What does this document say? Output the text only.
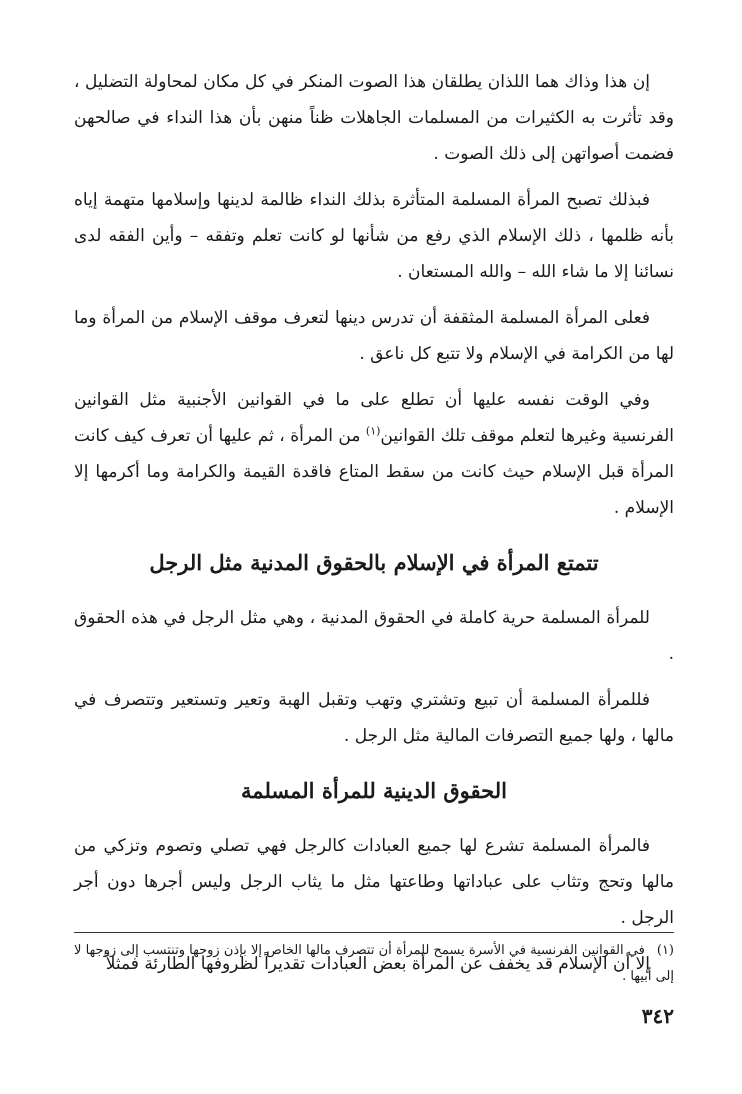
إن هذا وذاك هما اللذان يطلقان هذا الصوت المنكر في كل مكان لمحاولة التضليل ، وقد تأثرت به الكثيرات من المسلمات الجاهلات ظناً منهن بأن هذا النداء في صالحهن فضمت أصواتهن إلى ذلك الصوت .

فبذلك تصبح المرأة المسلمة المتأثرة بذلك النداء ظالمة لدينها وإسلامها متهمة إياه بأنه ظلمها ، ذلك الإسلام الذي رفع من شأنها لو كانت تعلم وتفقه – وأين الفقه لدى نسائنا إلا ما شاء الله – والله المستعان .

فعلى المرأة المسلمة المثقفة أن تدرس دينها لتعرف موقف الإسلام من المرأة وما لها من الكرامة في الإسلام ولا تتبع كل ناعق .

وفي الوقت نفسه عليها أن تطلع على ما في القوانين الأجنبية مثل القوانين الفرنسية وغيرها لتعلم موقف تلك القوانين$^{(١)}$ من المرأة ، ثم عليها أن تعرف كيف كانت المرأة قبل الإسلام حيث كانت من سقط المتاع فاقدة القيمة والكرامة وما أكرمها إلا الإسلام .

تتمتع المرأة في الإسلام بالحقوق المدنية مثل الرجل

للمرأة المسلمة حرية كاملة في الحقوق المدنية ، وهي مثل الرجل في هذه الحقوق .

فللمرأة المسلمة أن تبيع وتشتري وتهب وتقبل الهبة وتعير وتستعير وتتصرف في مالها ، ولها جميع التصرفات المالية مثل الرجل .

الحقوق الدينية للمرأة المسلمة

فالمرأة المسلمة تشرع لها جميع العبادات كالرجل فهي تصلي وتصوم وتزكي من مالها وتحج وتثاب على عباداتها وطاعتها مثل ما يثاب الرجل وليس أجرها دون أجر الرجل .

إلا أن الإسلام قد يخفف عن المرأة بعض العبادات تقديراً لظروفها الطارئة فمثلاً

(١)في القوانين الفرنسية في الأسرة يسمح للمرأة أن تتصرف مالها الخاص إلا بإذن زوجها وتنتسب إلى زوجها لا إلى أبيها .
٣٤٢
